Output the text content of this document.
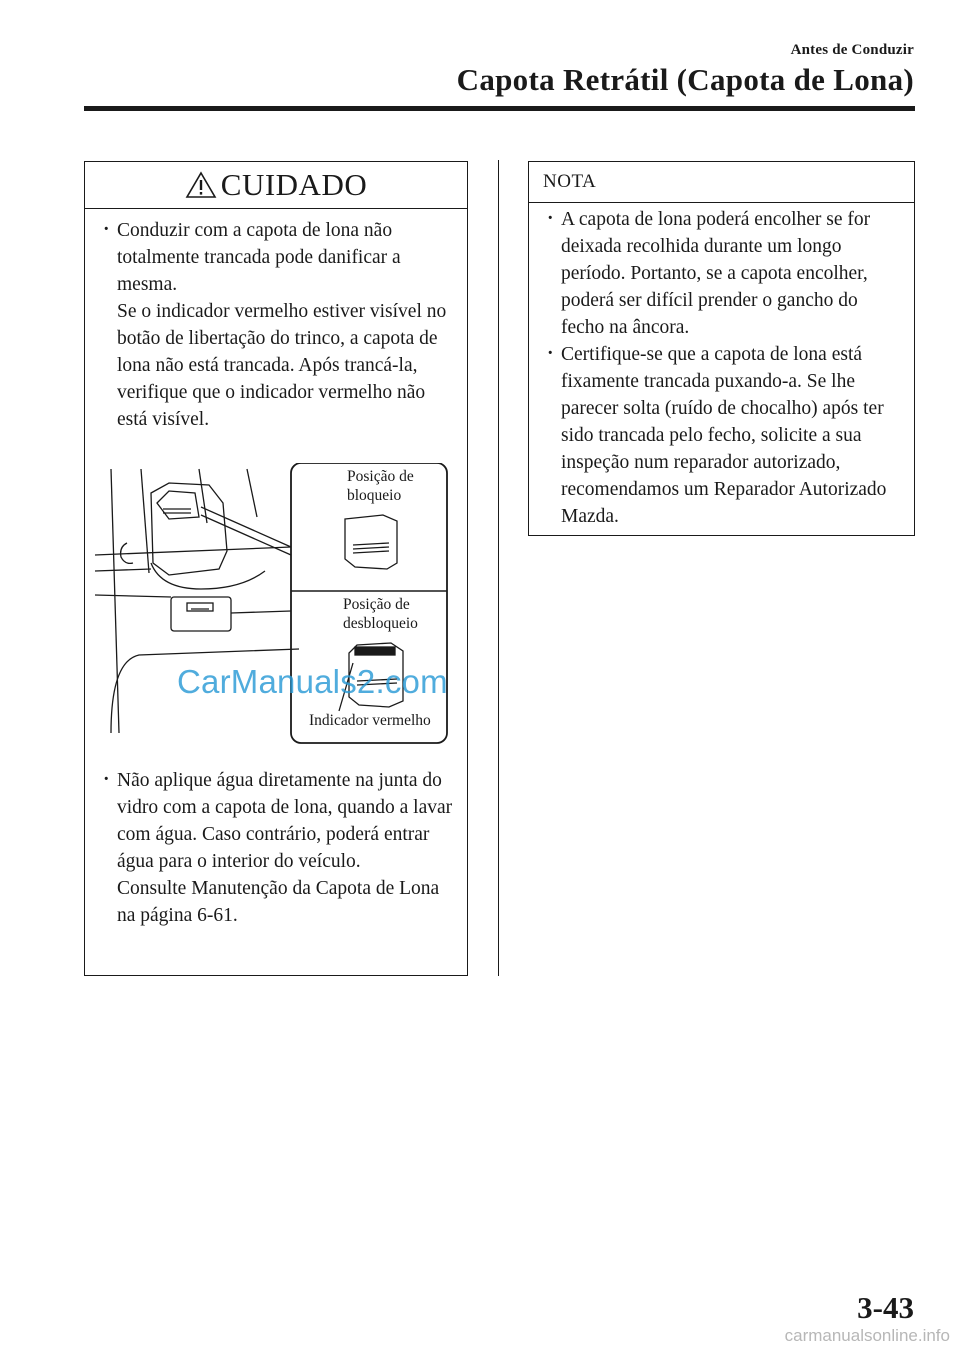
Antes de Conduzir
Capota Retrátil (Capota de Lona)
CUIDADO

· Conduzir com a capota de lona não totalmente trancada pode danificar a mesma.

Se o indicador vermelho estiver visível no botão de libertação do trinco, a capota de lona não está trancada. Após trancá-la, verifique que o indicador vermelho não está visível.

Posição de bloqueio
Posição de desbloqueio
Indicador vermelho
CarManuals2.com

· Não aplique água diretamente na junta do vidro com a capota de lona, quando a lavar com água. Caso contrário, poderá entrar água para o interior do veículo.

Consulte Manutenção da Capota de Lona na página 6-61.

NOTA
· A capota de lona poderá encolher se for deixada recolhida durante um longo período. Portanto, se a capota encolher, poderá ser difícil prender o gancho do fecho na âncora.
· Certifique-se que a capota de lona está fixamente trancada puxando-a. Se lhe parecer solta (ruído de chocalho) após ter sido trancada pelo fecho, solicite a sua inspeção num reparador autorizado, recomendamos um Reparador Autorizado Mazda.
3-43
carmanualsonline.info
